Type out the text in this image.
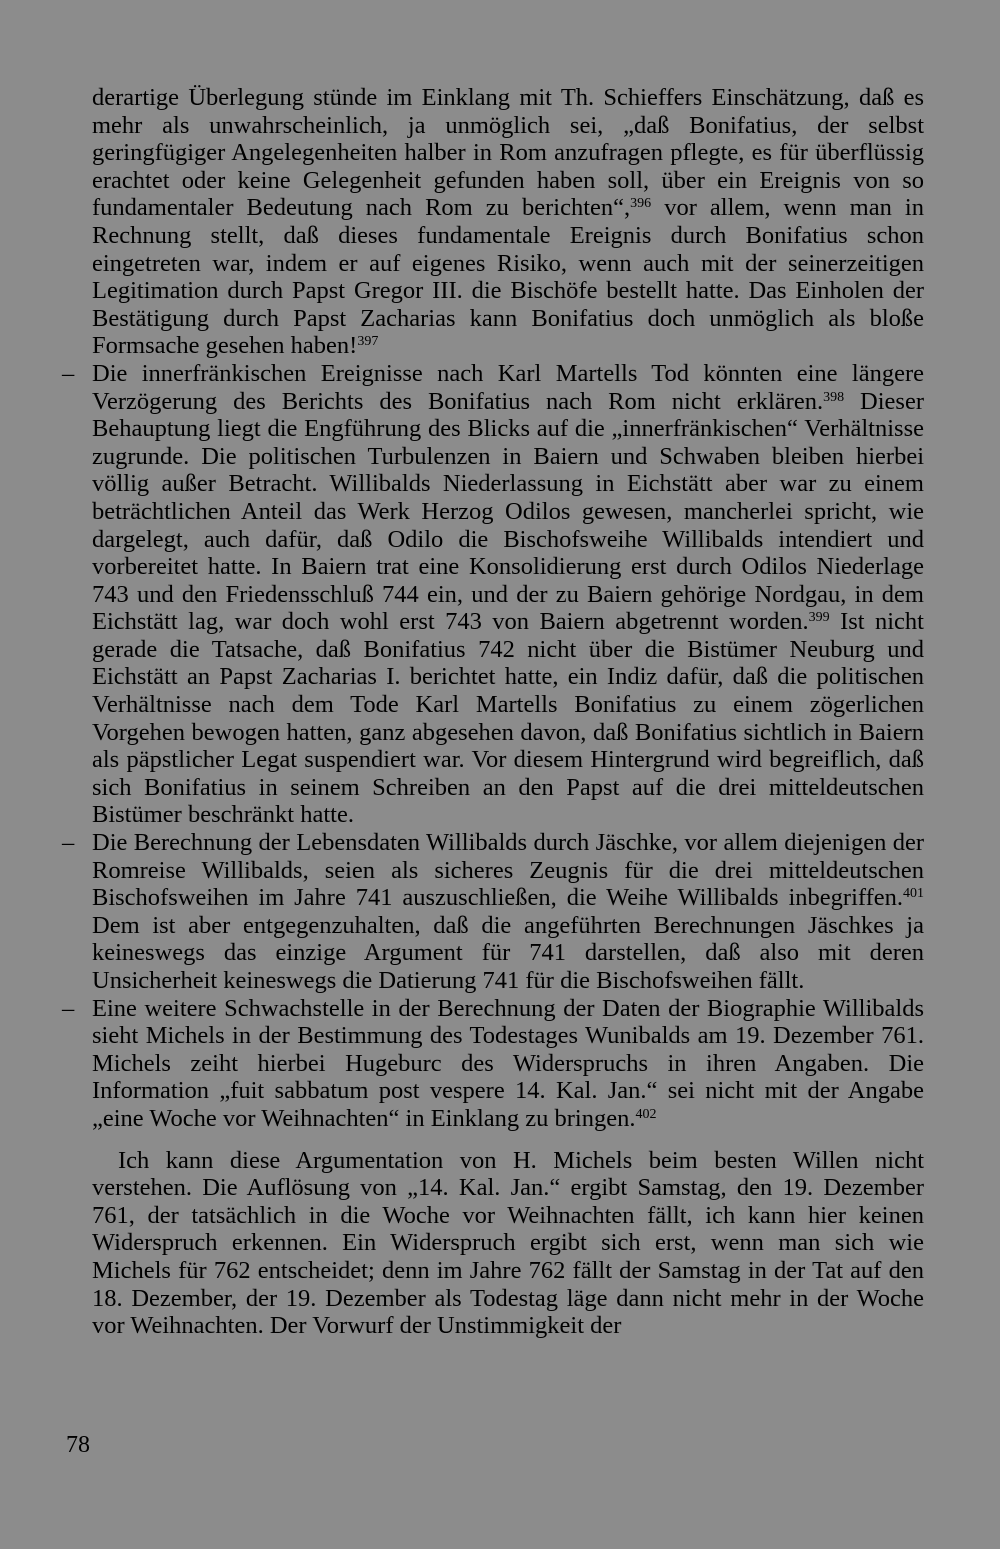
derartige Überlegung stünde im Einklang mit Th. Schieffers Einschätzung, daß es mehr als unwahrscheinlich, ja unmöglich sei, „daß Bonifatius, der selbst geringfügiger Angelegenheiten halber in Rom anzufragen pflegte, es für überflüssig erachtet oder keine Gelegenheit gefunden haben soll, über ein Ereignis von so fundamentaler Bedeutung nach Rom zu berichten“,$^{396}$ vor allem, wenn man in Rechnung stellt, daß dieses fundamentale Ereignis durch Bonifatius schon eingetreten war, indem er auf eigenes Risiko, wenn auch mit der seinerzeitigen Legitimation durch Papst Gregor III. die Bischöfe bestellt hatte. Das Einholen der Bestätigung durch Papst Zacharias kann Bonifatius doch unmöglich als bloße Formsache gesehen haben!$^{397}$

– Die innerfränkischen Ereignisse nach Karl Martells Tod könnten eine längere Verzögerung des Berichts des Bonifatius nach Rom nicht erklären.$^{398}$ Dieser Behauptung liegt die Engführung des Blicks auf die „innerfränkischen“ Verhältnisse zugrunde. Die politischen Turbulenzen in Baiern und Schwaben bleiben hierbei völlig außer Betracht. Willibalds Niederlassung in Eichstätt aber war zu einem beträchtlichen Anteil das Werk Herzog Odilos gewesen, mancherlei spricht, wie dargelegt, auch dafür, daß Odilo die Bischofsweihe Willibalds intendiert und vorbereitet hatte. In Baiern trat eine Konsolidierung erst durch Odilos Niederlage 743 und den Friedensschluß 744 ein, und der zu Baiern gehörige Nordgau, in dem Eichstätt lag, war doch wohl erst 743 von Baiern abgetrennt worden.$^{399}$ Ist nicht gerade die Tatsache, daß Bonifatius 742 nicht über die Bistümer Neuburg und Eichstätt an Papst Zacharias I. berichtet hatte, ein Indiz dafür, daß die politischen Verhältnisse nach dem Tode Karl Martells Bonifatius zu einem zögerlichen Vorgehen bewogen hatten, ganz abgesehen davon, daß Bonifatius sichtlich in Baiern als päpstlicher Legat suspendiert war. Vor diesem Hintergrund wird begreiflich, daß sich Bonifatius in seinem Schreiben an den Papst auf die drei mitteldeutschen Bistümer beschränkt hatte.

– Die Berechnung der Lebensdaten Willibalds durch Jäschke, vor allem diejenigen der Romreise Willibalds, seien als sicheres Zeugnis für die drei mitteldeutschen Bischofsweihen im Jahre 741 auszuschließen, die Weihe Willibalds inbegriffen.$^{401}$ Dem ist aber entgegenzuhalten, daß die angeführten Berechnungen Jäschkes ja keineswegs das einzige Argument für 741 darstellen, daß also mit deren Unsicherheit keineswegs die Datierung 741 für die Bischofsweihen fällt.

– Eine weitere Schwachstelle in der Berechnung der Daten der Biographie Willibalds sieht Michels in der Bestimmung des Todestages Wunibalds am 19. Dezember 761. Michels zeiht hierbei Hugeburc des Widerspruchs in ihren Angaben. Die Information „fuit sabbatum post vespere 14. Kal. Jan.“ sei nicht mit der Angabe „eine Woche vor Weihnachten“ in Einklang zu bringen.$^{402}$

Ich kann diese Argumentation von H. Michels beim besten Willen nicht verstehen. Die Auflösung von „14. Kal. Jan.“ ergibt Samstag, den 19. Dezember 761, der tatsächlich in die Woche vor Weihnachten fällt, ich kann hier keinen Widerspruch erkennen. Ein Widerspruch ergibt sich erst, wenn man sich wie Michels für 762 entscheidet; denn im Jahre 762 fällt der Samstag in der Tat auf den 18. Dezember, der 19. Dezember als Todestag läge dann nicht mehr in der Woche vor Weihnachten. Der Vorwurf der Unstimmigkeit der

78
